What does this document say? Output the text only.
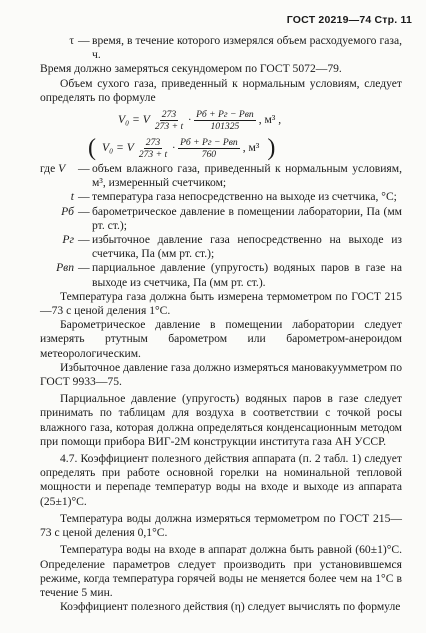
ГОСТ 20219—74 Стр. 11
τ — время, в течение которого измерялся объем расходуемого газа, ч.

Время должно замеряться секундомером по ГОСТ 5072—79.

Объем сухого газа, приведенный к нормальным условиям, следует определять по формуле

V₀ = V $\frac{273}{273 + t} \cdot \frac{\text{Pб + Pг − Pвп}}{101325}$ , м³ ,
( V₀ = V $\frac{273}{273 + t} \cdot \frac{\text{Pб + Pг − Pвп}}{760}$ , м³ )
где V	— объем влажного газа, приведенный к нормальным условиям, м³, измеренный счетчиком;
t — температура газа непосредственно на выходе из счетчика, °С;
Pб — барометрическое давление в помещении лаборатории, Па (мм рт. ст.);
Pг — избыточное давление газа непосредственно на выходе из счетчика, Па (мм рт. ст.);
Pвп — парциальное давление (упругость) водяных паров в газе на выходе из счетчика, Па (мм рт. ст.).

Температура газа должна быть измерена термометром по ГОСТ 215—73 с ценой деления 1°С.

Барометрическое давление в помещении лаборатории следует измерять ртутным барометром или барометром-анероидом метеорологическим.

Избыточное давление газа должно измеряться мановакуумметром по ГОСТ 9933—75.

Парциальное давление (упругость) водяных паров в газе следует принимать по таблицам для воздуха в соответствии с точкой росы влажного газа, которая должна определяться конденсационным методом при помощи прибора ВИГ-2М конструкции института газа АН УССР.

4.7. Коэффициент полезного действия аппарата (п. 2 табл. 1) следует определять при работе основной горелки на номинальной тепловой мощности и перепаде температур воды на входе и выходе из аппарата (25±1)°С.

Температура воды должна измеряться термометром по ГОСТ 215—73 с ценой деления 0,1°С.

Температура воды на входе в аппарат должна быть равной (60±1)°С. Определение параметров следует производить при установившемся режиме, когда температура горячей воды не меняется более чем на 1°С в течение 5 мин.

Коэффициент полезного действия (η) следует вычислять по формуле
